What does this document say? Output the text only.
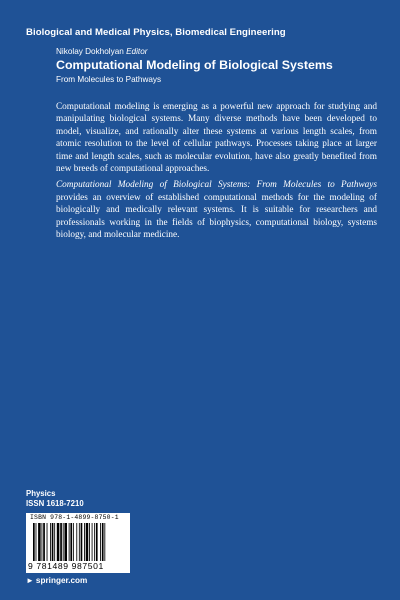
Biological and Medical Physics, Biomedical Engineering
Nikolay Dokholyan Editor
Computational Modeling of Biological Systems
From Molecules to Pathways

Computational modeling is emerging as a powerful new approach for studying and manipulating biological systems. Many diverse methods have been developed to model, visualize, and rationally alter these systems at various length scales, from atomic resolution to the level of cellular pathways. Processes taking place at larger time and length scales, such as molecular evolution, have also greatly benefited from new breeds of computational approaches.

Computational Modeling of Biological Systems: From Molecules to Pathways provides an overview of established computational methods for the modeling of biologically and medically relevant systems. It is suitable for researchers and professionals working in the fields of biophysics, computational biology, systems biology, and molecular medicine.

Physics
ISSN 1618-7210
ISBN 978-1-4899-8750-1
9 781489 987501
► springer.com
